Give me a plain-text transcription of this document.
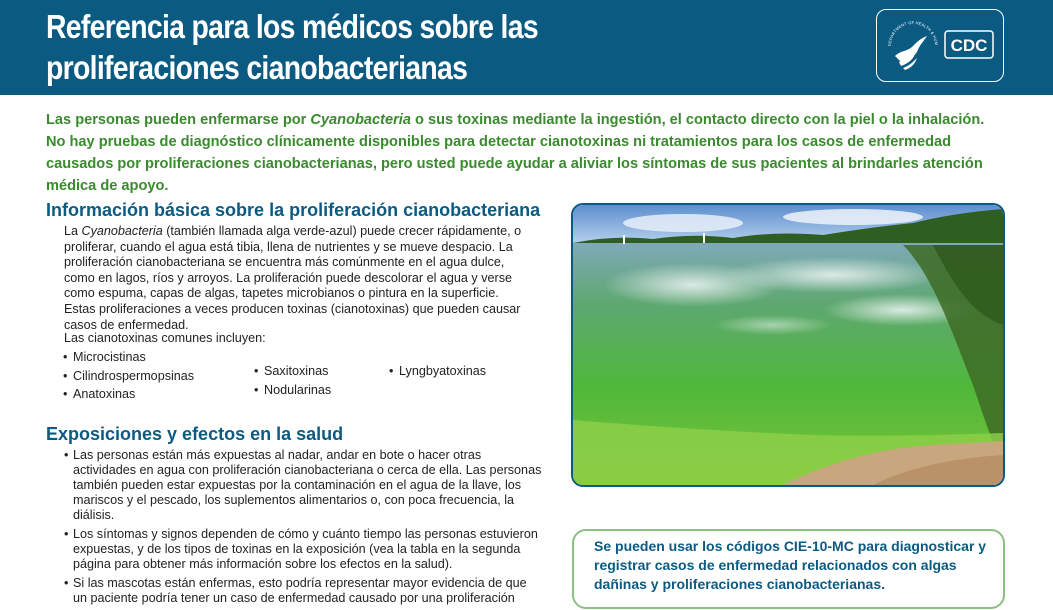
Referencia para los médicos sobre las
proliferaciones cianobacterianas
DEPARTMENT OF HEALTH & HUM CDC
Las personas pueden enfermarse por Cyanobacteria o sus toxinas mediante la ingestión, el contacto directo con la piel o la inhalación. No hay pruebas de diagnóstico clínicamente disponibles para detectar cianotoxinas ni tratamientos para los casos de enfermedad causados por proliferaciones cianobacterianas, pero usted puede ayudar a aliviar los síntomas de sus pacientes al brindarles atención médica de apoyo.
Información básica sobre la proliferación cianobacteriana
La Cyanobacteria (también llamada alga verde-azul) puede crecer rápidamente, o proliferar, cuando el agua está tibia, llena de nutrientes y se mueve despacio. La proliferación cianobacteriana se encuentra más comúnmente en el agua dulce, como en lagos, ríos y arroyos. La proliferación puede descolorar el agua y verse como espuma, capas de algas, tapetes microbianos o pintura en la superficie. Estas proliferaciones a veces producen toxinas (cianotoxinas) que pueden causar casos de enfermedad.
Las cianotoxinas comunes incluyen:
• Microcistinas
• Cilindrospermopsinas
• Anatoxinas
• Saxitoxinas
• Nodularinas
• Lyngbyatoxinas
Exposiciones y efectos en la salud
• Las personas están más expuestas al nadar, andar en bote o hacer otras actividades en agua con proliferación cianobacteriana o cerca de ella. Las personas también pueden estar expuestas por la contaminación en el agua de la llave, los mariscos y el pescado, los suplementos alimentarios o, con poca frecuencia, la diálisis.
• Los síntomas y signos dependen de cómo y cuánto tiempo las personas estuvieron expuestas, y de los tipos de toxinas en la exposición (vea la tabla en la segunda página para obtener más información sobre los efectos en la salud).
• Si las mascotas están enfermas, esto podría representar mayor evidencia de que un paciente podría tener un caso de enfermedad causado por una proliferación
Se pueden usar los códigos CIE-10-MC para diagnosticar y registrar casos de enfermedad relacionados con algas dañinas y proliferaciones cianobacterianas.
